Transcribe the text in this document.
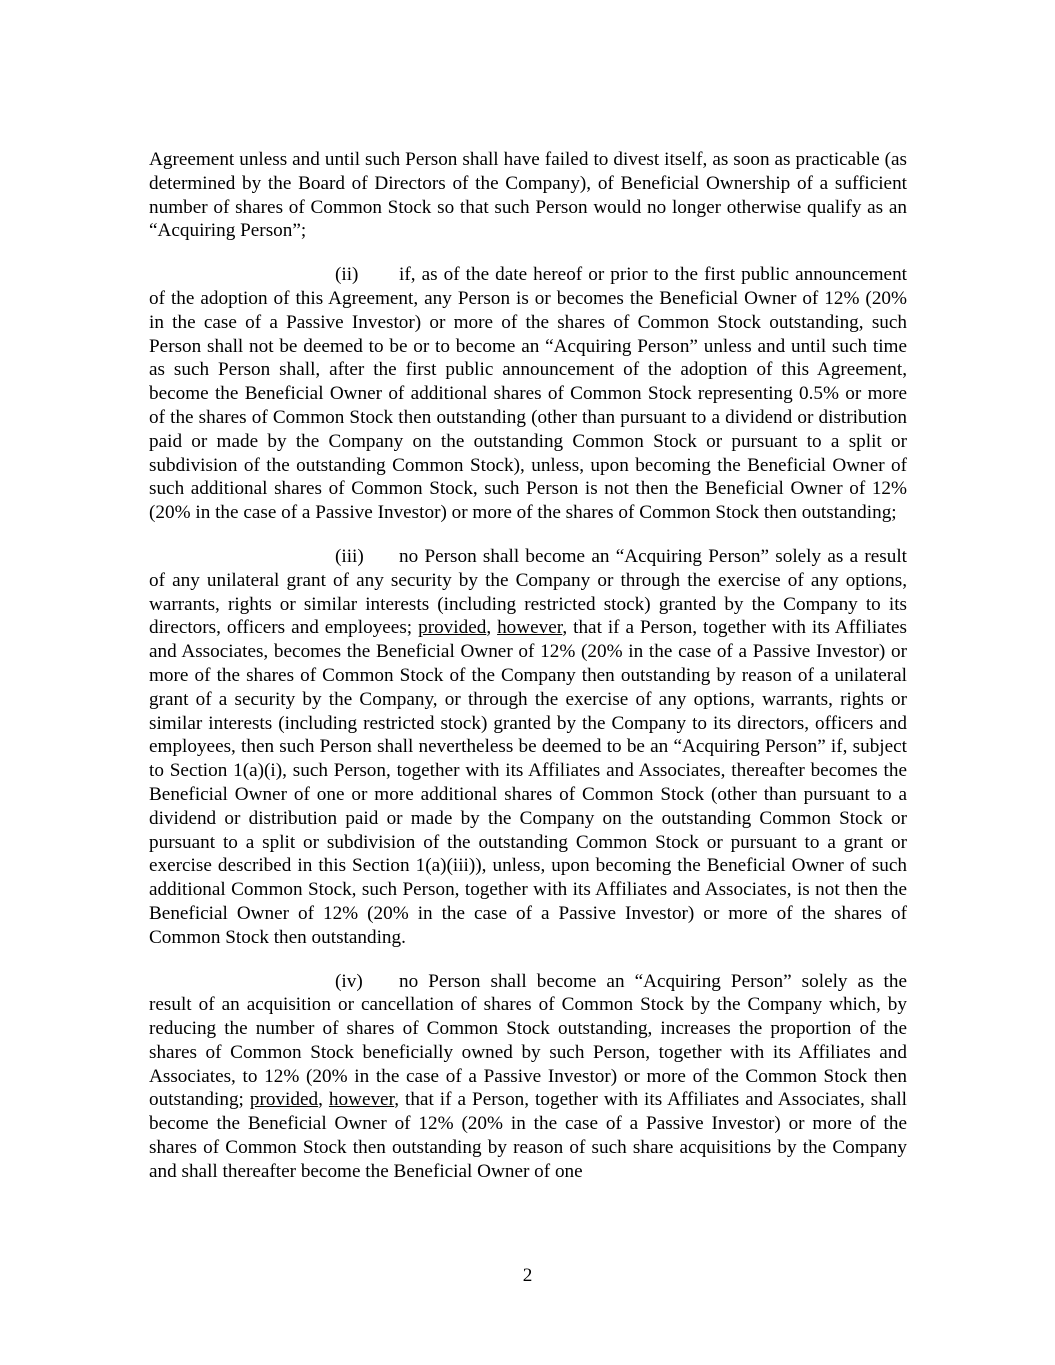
Agreement unless and until such Person shall have failed to divest itself, as soon as practicable (as determined by the Board of Directors of the Company), of Beneficial Ownership of a sufficient number of shares of Common Stock so that such Person would no longer otherwise qualify as an “Acquiring Person”;

(ii) if, as of the date hereof or prior to the first public announcement of the adoption of this Agreement, any Person is or becomes the Beneficial Owner of 12% (20% in the case of a Passive Investor) or more of the shares of Common Stock outstanding, such Person shall not be deemed to be or to become an “Acquiring Person” unless and until such time as such Person shall, after the first public announcement of the adoption of this Agreement, become the Beneficial Owner of additional shares of Common Stock representing 0.5% or more of the shares of Common Stock then outstanding (other than pursuant to a dividend or distribution paid or made by the Company on the outstanding Common Stock or pursuant to a split or subdivision of the outstanding Common Stock), unless, upon becoming the Beneficial Owner of such additional shares of Common Stock, such Person is not then the Beneficial Owner of 12% (20% in the case of a Passive Investor) or more of the shares of Common Stock then outstanding;

(iii) no Person shall become an “Acquiring Person” solely as a result of any unilateral grant of any security by the Company or through the exercise of any options, warrants, rights or similar interests (including restricted stock) granted by the Company to its directors, officers and employees; provided, however, that if a Person, together with its Affiliates and Associates, becomes the Beneficial Owner of 12% (20% in the case of a Passive Investor) or more of the shares of Common Stock of the Company then outstanding by reason of a unilateral grant of a security by the Company, or through the exercise of any options, warrants, rights or similar interests (including restricted stock) granted by the Company to its directors, officers and employees, then such Person shall nevertheless be deemed to be an “Acquiring Person” if, subject to Section 1(a)(i), such Person, together with its Affiliates and Associates, thereafter becomes the Beneficial Owner of one or more additional shares of Common Stock (other than pursuant to a dividend or distribution paid or made by the Company on the outstanding Common Stock or pursuant to a split or subdivision of the outstanding Common Stock or pursuant to a grant or exercise described in this Section 1(a)(iii)), unless, upon becoming the Beneficial Owner of such additional Common Stock, such Person, together with its Affiliates and Associates, is not then the Beneficial Owner of 12% (20% in the case of a Passive Investor) or more of the shares of Common Stock then outstanding.

(iv) no Person shall become an “Acquiring Person” solely as the result of an acquisition or cancellation of shares of Common Stock by the Company which, by reducing the number of shares of Common Stock outstanding, increases the proportion of the shares of Common Stock beneficially owned by such Person, together with its Affiliates and Associates, to 12% (20% in the case of a Passive Investor) or more of the Common Stock then outstanding; provided, however, that if a Person, together with its Affiliates and Associates, shall become the Beneficial Owner of 12% (20% in the case of a Passive Investor) or more of the shares of Common Stock then outstanding by reason of such share acquisitions by the Company and shall thereafter become the Beneficial Owner of one

2
